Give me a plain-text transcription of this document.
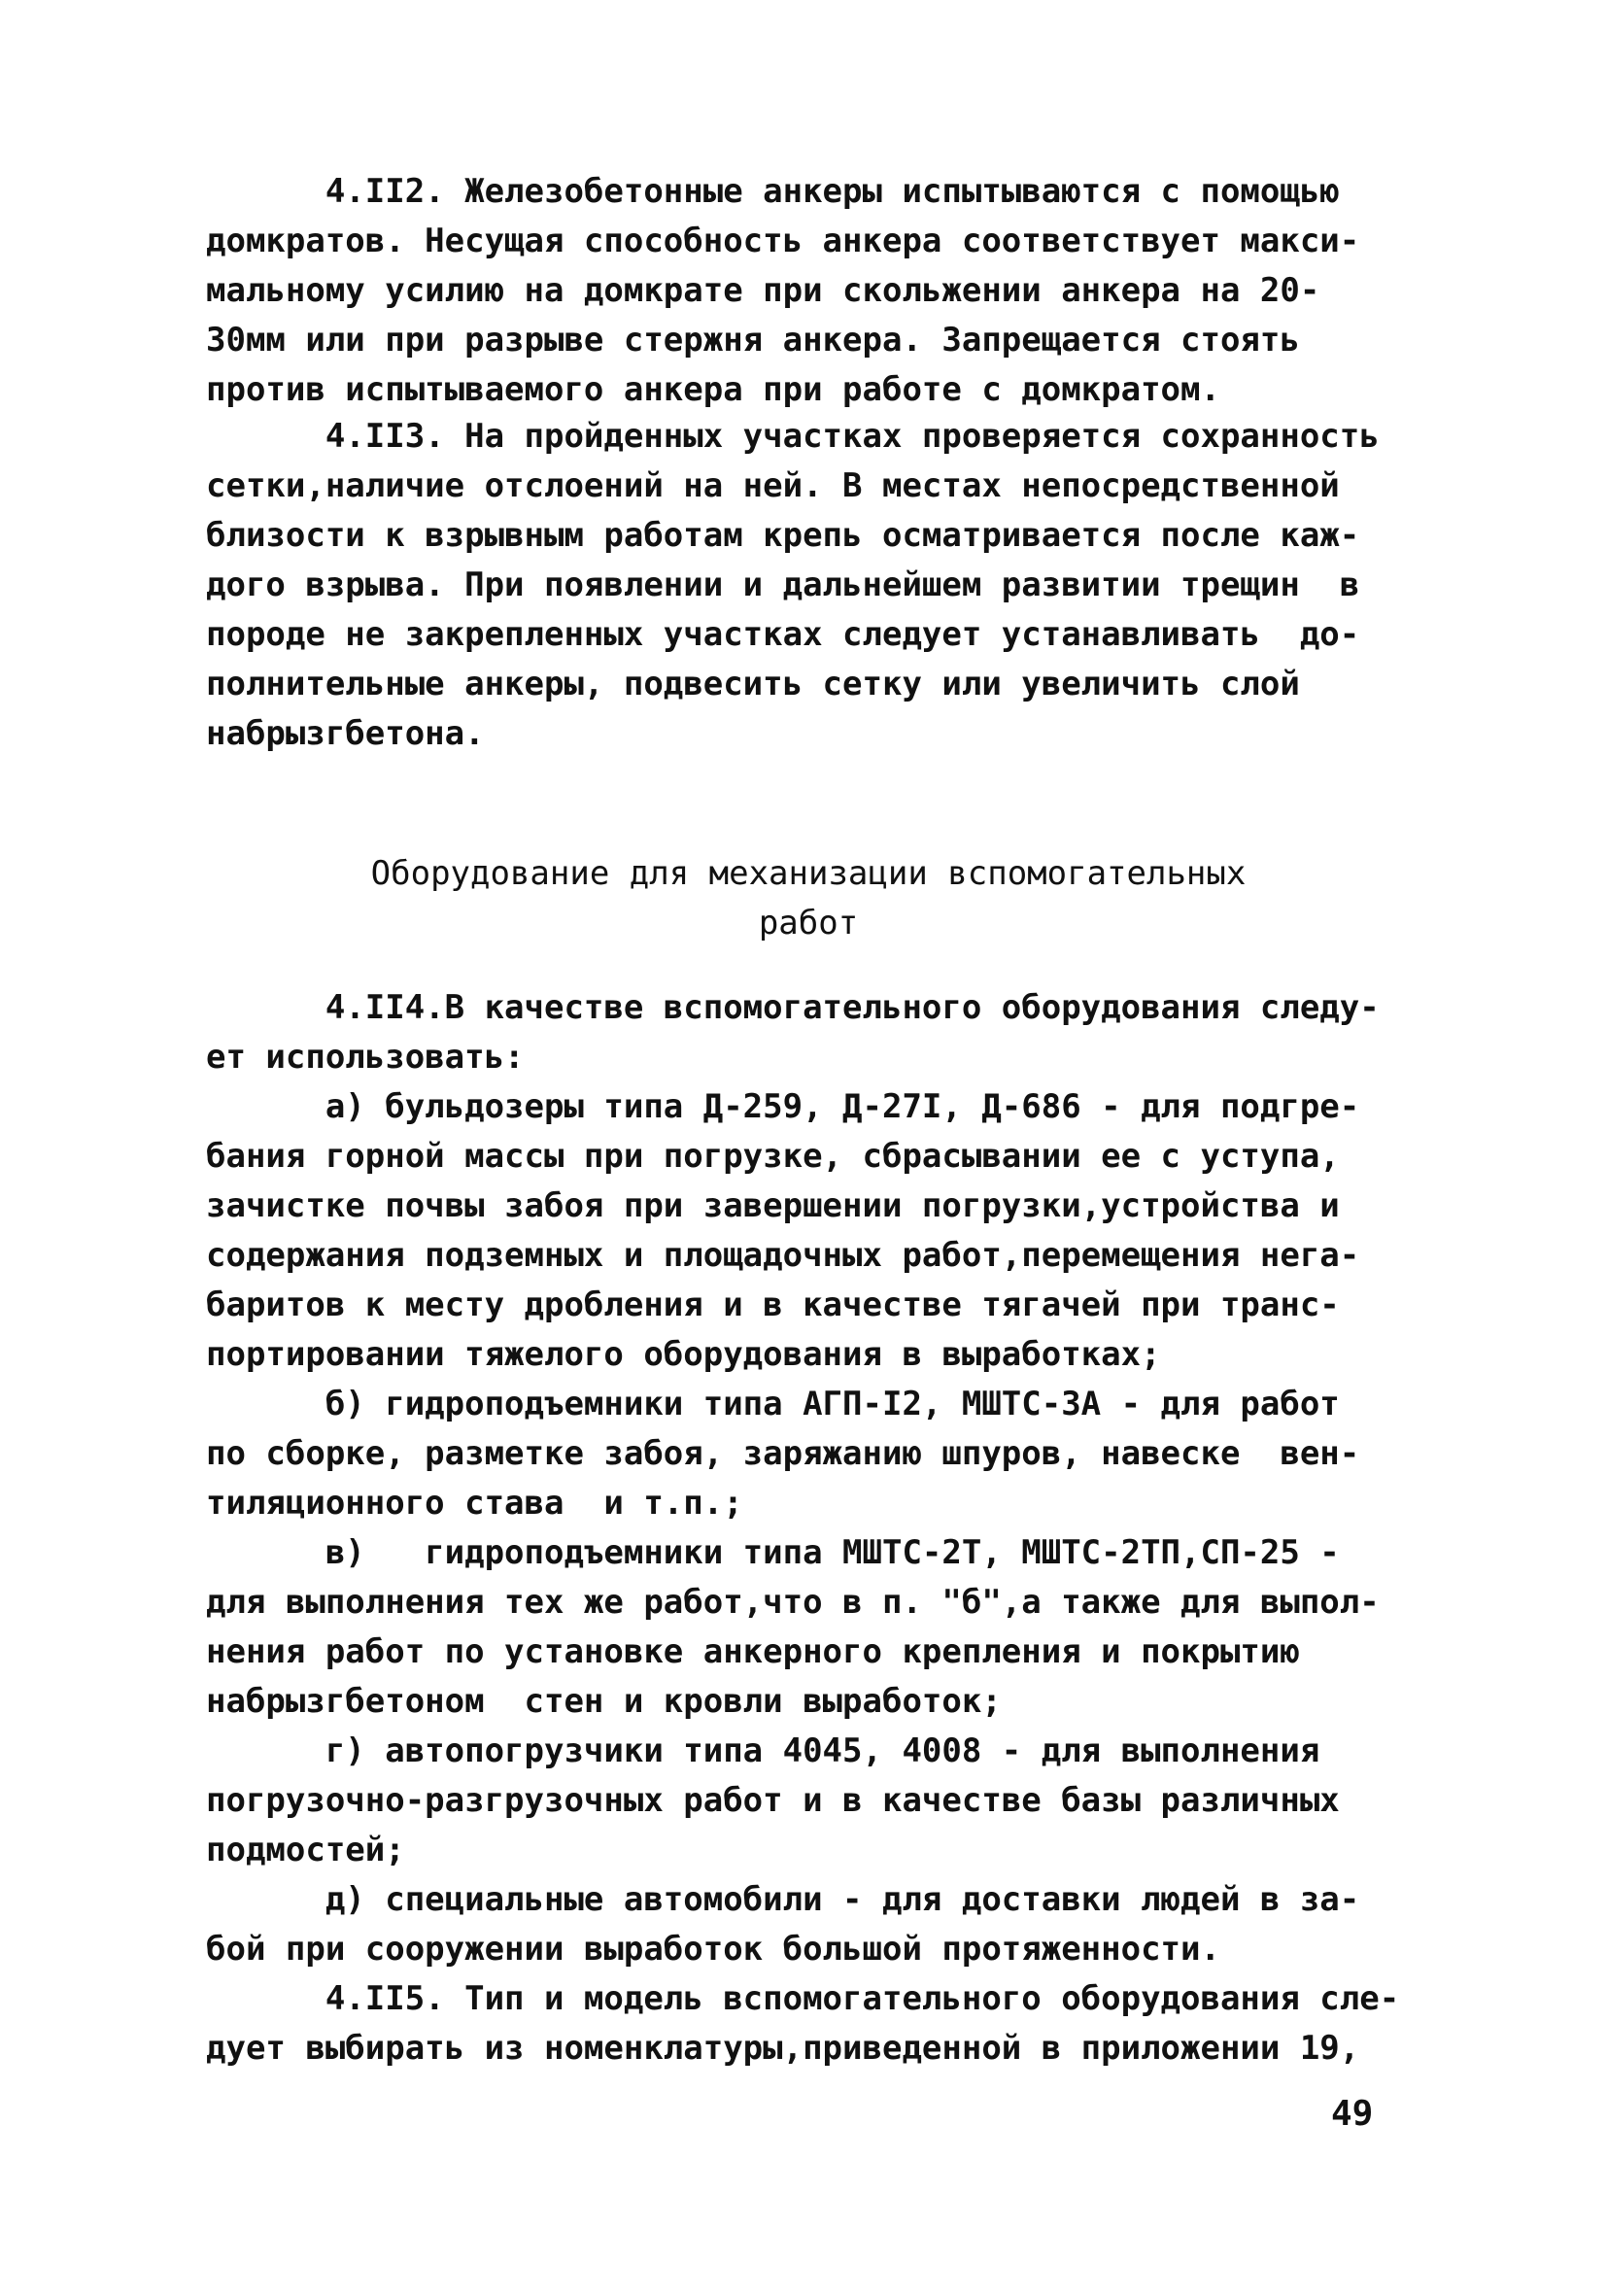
4.II2. Железобетонные анкеры испытываются с помощью
домкратов. Несущая способность анкера соответствует макси-
мальному усилию на домкрате при скольжении анкера на 20-
30мм или при разрыве стержня анкера. Запрещается стоять
против испытываемого анкера при работе с домкратом.
4.II3. На пройденных участках проверяется сохранность
сетки,наличие отслоений на ней. В местах непосредственной
близости к взрывным работам крепь осматривается после каж-
дого взрыва. При появлении и дальнейшем развитии трещин  в
породе не закрепленных участках следует устанавливать  до-
полнительные анкеры, подвесить сетку или увеличить слой
набрызгбетона.
Оборудование для механизации вспомогательных
работ
4.II4.В качестве вспомогательного оборудования следу-
ет использовать:
а) бульдозеры типа Д-259, Д-27I, Д-686 - для подгре-
бания горной массы при погрузке, сбрасывании ее с уступа,
зачистке почвы забоя при завершении погрузки,устройства и
содержания подземных и площадочных работ,перемещения нега-
баритов к месту дробления и в качестве тягачей при транс-
портировании тяжелого оборудования в выработках;
б) гидроподъемники типа АГП-I2, МШТС-3А - для работ
по сборке, разметке забоя, заряжанию шпуров, навеске  вен-
тиляционного става  и т.п.;
в)   гидроподъемники типа МШТС-2Т, МШТС-2ТП,СП-25 -
для выполнения тех же работ,что в п. "б",а также для выпол-
нения работ по установке анкерного крепления и покрытию
набрызгбетоном  стен и кровли выработок;
г) автопогрузчики типа 4045, 4008 - для выполнения
погрузочно-разгрузочных работ и в качестве базы различных
подмостей;
д) специальные автомобили - для доставки людей в за-
бой при сооружении выработок большой протяженности.
4.II5. Тип и модель вспомогательного оборудования сле-
дует выбирать из номенклатуры,приведенной в приложении 19,
49
